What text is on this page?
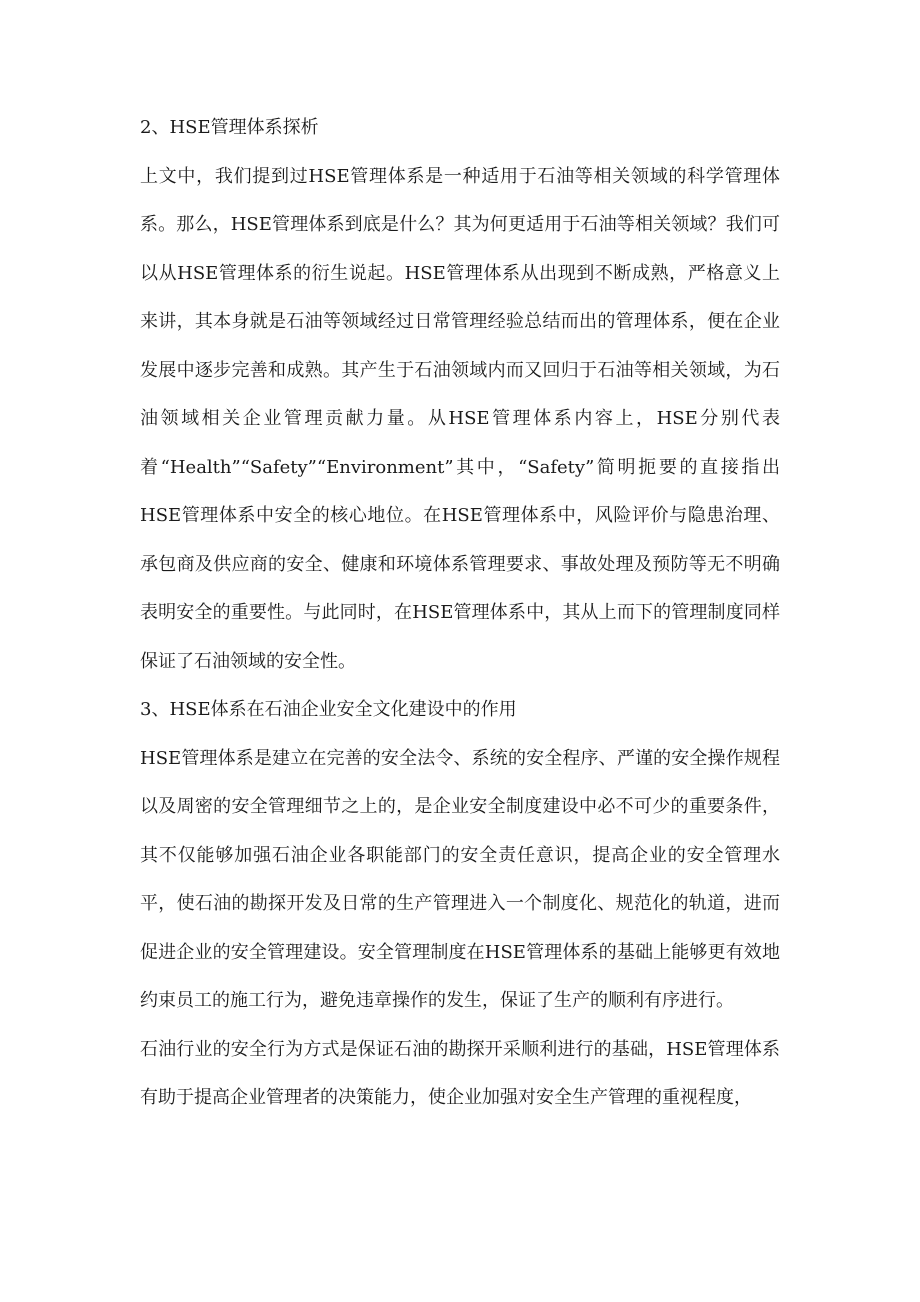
2、HSE管理体系探析

上文中，我们提到过HSE管理体系是一种适用于石油等相关领域的科学管理体系。那么，HSE管理体系到底是什么？其为何更适用于石油等相关领域？我们可以从HSE管理体系的衍生说起。HSE管理体系从出现到不断成熟，严格意义上来讲，其本身就是石油等领域经过日常管理经验总结而出的管理体系，便在企业发展中逐步完善和成熟。其产生于石油领域内而又回归于石油等相关领域，为石油领域相关企业管理贡献力量。从HSE管理体系内容上，HSE分别代表着“Health”“Safety”“Environment”其中，“Safety”简明扼要的直接指出HSE管理体系中安全的核心地位。在HSE管理体系中，风险评价与隐患治理、承包商及供应商的安全、健康和环境体系管理要求、事故处理及预防等无不明确表明安全的重要性。与此同时，在HSE管理体系中，其从上而下的管理制度同样保证了石油领域的安全性。

3、HSE体系在石油企业安全文化建设中的作用

HSE管理体系是建立在完善的安全法令、系统的安全程序、严谨的安全操作规程以及周密的安全管理细节之上的，是企业安全制度建设中必不可少的重要条件，其不仅能够加强石油企业各职能部门的安全责任意识，提高企业的安全管理水平，使石油的勘探开发及日常的生产管理进入一个制度化、规范化的轨道，进而促进企业的安全管理建设。安全管理制度在HSE管理体系的基础上能够更有效地约束员工的施工行为，避免违章操作的发生，保证了生产的顺利有序进行。

石油行业的安全行为方式是保证石油的勘探开采顺利进行的基础，HSE管理体系有助于提高企业管理者的决策能力，使企业加强对安全生产管理的重视程度，
